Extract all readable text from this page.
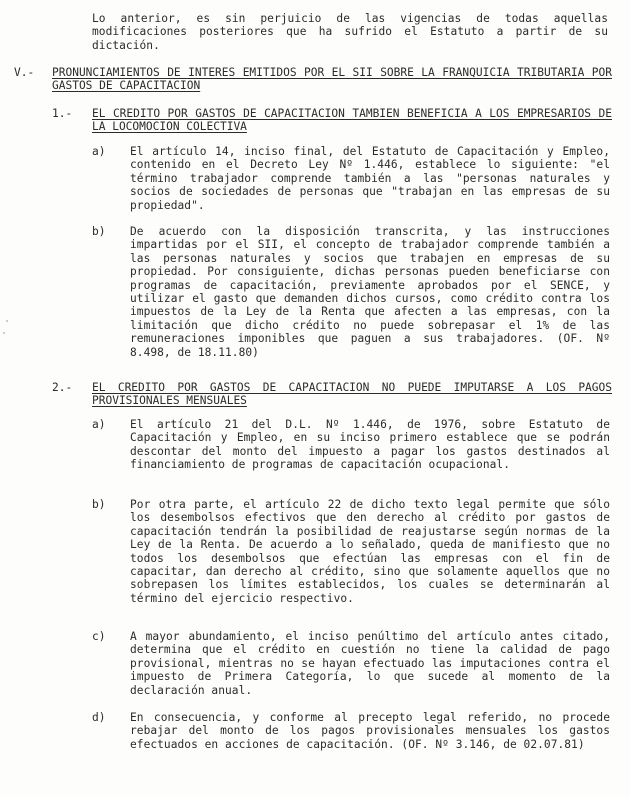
Lo anterior, es sin perjuicio de las vigencias de todas aquellas modificaciones posteriores que ha sufrido el Estatuto a partir de su dictación.
V.- PRONUNCIAMIENTOS DE INTERES EMITIDOS POR EL SII SOBRE LA FRANQUICIA TRIBUTARIA POR GASTOS DE CAPACITACION
1.- EL CREDITO POR GASTOS DE CAPACITACION TAMBIEN BENEFICIA A LOS EMPRESARIOS DE LA LOCOMOCION COLECTIVA
a) El artículo 14, inciso final, del Estatuto de Capacitación y Empleo, contenido en el Decreto Ley Nº 1.446, establece lo siguiente: "el término trabajador comprende también a las "personas naturales y socios de sociedades de personas que "trabajan en las empresas de su propiedad".
b) De acuerdo con la disposición transcrita, y las instrucciones impartidas por el SII, el concepto de trabajador comprende también a las personas naturales y socios que trabajen en empresas de su propiedad. Por consiguiente, dichas personas pueden beneficiarse con programas de capacitación, previamente aprobados por el SENCE, y utilizar el gasto que demanden dichos cursos, como crédito contra los impuestos de la Ley de la Renta que afecten a las empresas, con la limitación que dicho crédito no puede sobrepasar el 1% de las remuneraciones imponibles que paguen a sus trabajadores. (OF. Nº 8.498, de 18.11.80)
2.- EL CREDITO POR GASTOS DE CAPACITACION NO PUEDE IMPUTARSE A LOS PAGOS PROVISIONALES MENSUALES
a) El artículo 21 del D.L. Nº 1.446, de 1976, sobre Estatuto de Capacitación y Empleo, en su inciso primero establece que se podrán descontar del monto del impuesto a pagar los gastos destinados al financiamiento de programas de capacitación ocupacional.
b) Por otra parte, el artículo 22 de dicho texto legal permite que sólo los desembolsos efectivos que den derecho al crédito por gastos de capacitación tendrán la posibilidad de reajustarse según normas de la Ley de la Renta. De acuerdo a lo señalado, queda de manifiesto que no todos los desembolsos que efectúan las empresas con el fin de capacitar, dan derecho al crédito, sino que solamente aquellos que no sobrepasen los límites establecidos, los cuales se determinarán al término del ejercicio respectivo.
c) A mayor abundamiento, el inciso penúltimo del artículo antes citado, determina que el crédito en cuestión no tiene la calidad de pago provisional, mientras no se hayan efectuado las imputaciones contra el impuesto de Primera Categoría, lo que sucede al momento de la declaración anual.
d) En consecuencia, y conforme al precepto legal referido, no procede rebajar del monto de los pagos provisionales mensuales los gastos efectuados en acciones de capacitación. (OF. Nº 3.146, de 02.07.81)
